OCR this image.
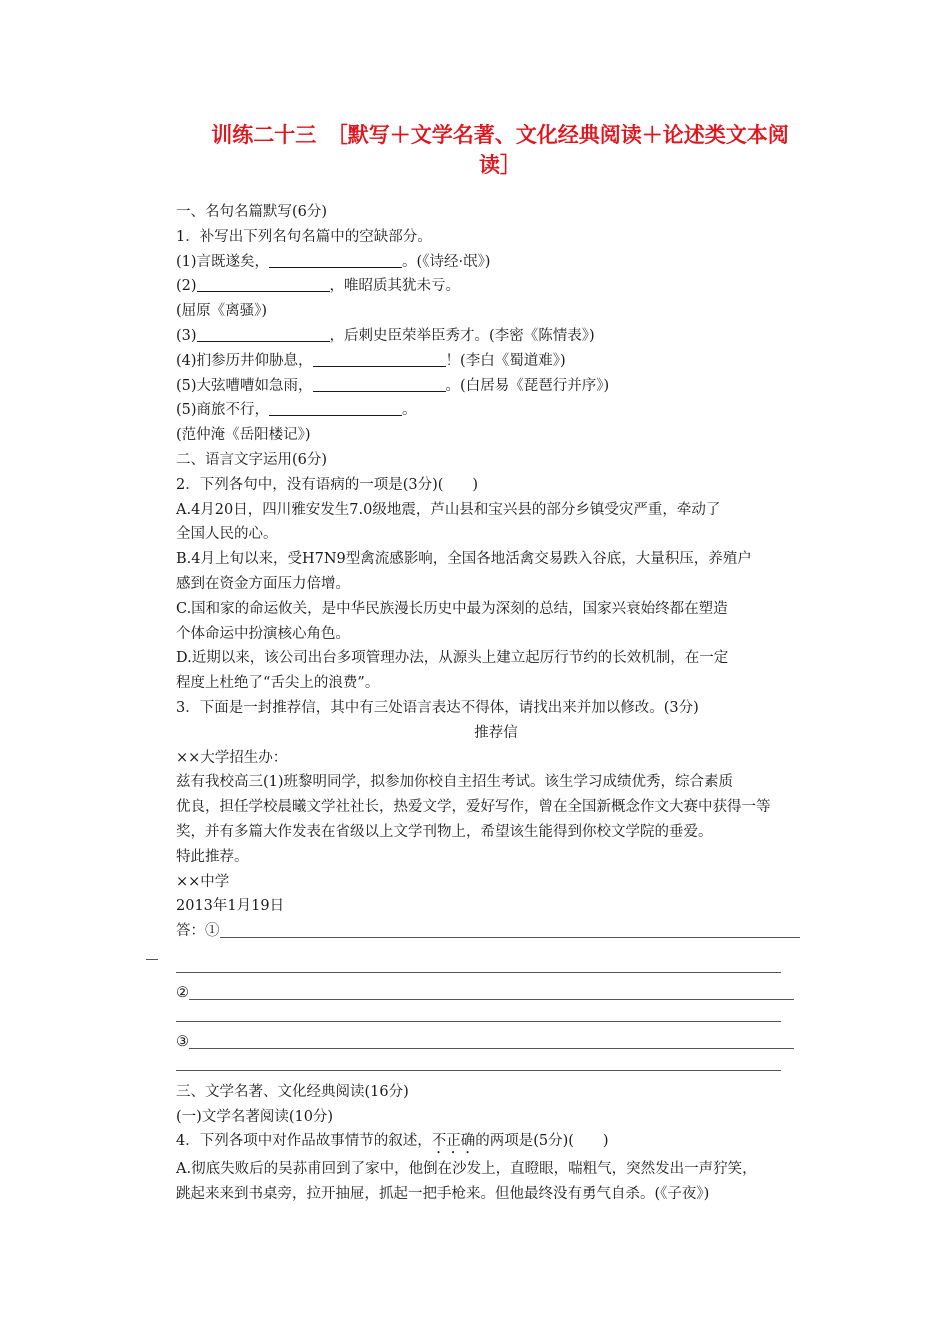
训练二十三　［默写＋文学名著、文化经典阅读＋论述类文本阅
读］
一、名句名篇默写(6分)
1．补写出下列名句名篇中的空缺部分。
(1)言既遂矣，	。(《诗经·氓》)
(2)	，唯昭质其犹未亏。
(屈原《离骚》)
(3)	，后刺史臣荣举臣秀才。(李密《陈情表》)
(4)扪参历井仰胁息，	！(李白《蜀道难》)
(5)大弦嘈嘈如急雨，	。(白居易《琵琶行并序》)
(5)商旅不行，	。
(范仲淹《岳阳楼记》)
二、语言文字运用(6分)
2．下列各句中，没有语病的一项是(3分)(　　)
A.4月20日，四川雅安发生7.0级地震，芦山县和宝兴县的部分乡镇受灾严重，牵动了
全国人民的心。
B.4月上旬以来，受H7N9型禽流感影响，全国各地活禽交易跌入谷底，大量积压，养殖户
感到在资金方面压力倍增。
C.国和家的命运攸关，是中华民族漫长历史中最为深刻的总结，国家兴衰始终都在塑造
个体命运中扮演核心角色。
D.近期以来，该公司出台多项管理办法，从源头上建立起厉行节约的长效机制，在一定
程度上杜绝了“舌尖上的浪费”。
3．下面是一封推荐信，其中有三处语言表达不得体，请找出来并加以修改。(3分)
推荐信
××大学招生办：
兹有我校高三(1)班黎明同学，拟参加你校自主招生考试。该生学习成绩优秀，综合素质
优良，担任学校晨曦文学社社长，热爱文学，爱好写作，曾在全国新概念作文大赛中获得一等
奖，并有多篇大作发表在省级以上文学刊物上，希望该生能得到你校文学院的垂爱。
特此推荐。
××中学
2013年1月19日
答：①
②
③
三、文学名著、文化经典阅读(16分)
(一)文学名著阅读(10分)
4．下列各项中对作品故事情节的叙述，不正确的两项是(5分)(　　)
A.彻底失败后的吴荪甫回到了家中，他倒在沙发上，直瞪眼，喘粗气，突然发出一声狞笑，
跳起来来到书桌旁，拉开抽屉，抓起一把手枪来。但他最终没有勇气自杀。(《子夜》)
